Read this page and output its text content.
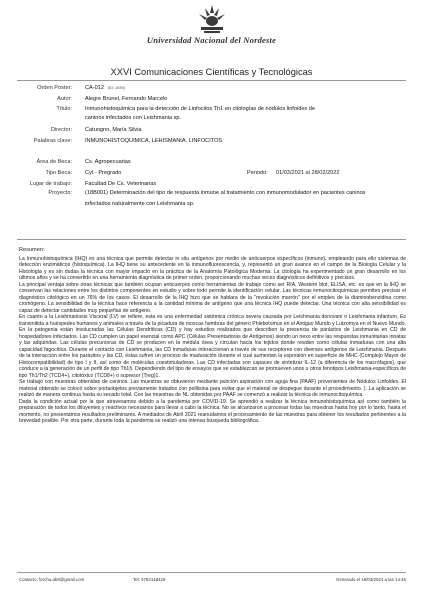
Universidad Nacional del Nordeste
XXVI Comunicaciones Científicas y Tecnológicas
Orden Poster: CA-012 (ID: 1939)
Autor: Alegre Brunel, Fernando Marcelo
Título: Inmunohistoquímica para la detección de Linfocitos Th1 en citologías de nódulos linfoides de
caninos infectados con Leishmania sp.
Director: Catuogno, María Silvia
Palabras clave: INMUNOHISTOQUIMICA, LEHISMANIA, LINFOCITOS
Área de Beca: Cs. Agropecuarias
Tipo Beca: Cyt - Pregrado	Periodo: 01/03/2021 al 28/02/2022
Lugar de trabajo: Facultad De Cs. Veterinarias
Proyecto: (18B001) Determinación del tipo de respuesta inmune al tratamiento con inmunomodulador en pacientes caninos
infectados naturalmente con Leishmania sp.
Resumen:

La Inmunohistoquímica (IHQ) es una técnica que permite detectar in situ antígenos por medio de anticuerpos específicos (inmuno), empleando para ello sistemas de detección enzimáticos (histoquímica). La IHQ tiene su antecedente en la inmunofluorescencia, y, representó un gran avance en el campo de la Biología Celular y la Histología y es sin dudas la técnica con mayor impacto en la práctica de la Anatomía Patológica Moderna. La citología ha experimentado un gran desarrollo en los últimos años y se ha convertido en una herramienta diagnóstica de primer orden, proporcionando muchas veces diagnósticos definitivos y precisos.

La principal ventaja sobre otras técnicas que también ocupan anticuerpos como herramientas de trabajo como ser RIA, Western blot, ELISA, etc. es que en la IHQ se conservan las relaciones entre los distintos componentes en estudio y sobre todo permite la identificación celular. Las técnicas inmunocitoquímicas permiten precisar el diagnóstico citológico en un 76% de los casos. El desarrollo de la IHQ hizo que se hablara de la "revolución marrón" por el empleo de la diaminobenzidina como cromógeno. La sensibilidad de la técnica hace referencia a la cantidad mínima de antígeno que una técnica IHQ puede detectar. Una técnica con alta sensibilidad es capaz de detectar cantidades muy pequeñas de antígeno.

En cuanto a la Leishmaniosis Visceral (LV) se refiere, esta es una enfermedad sistémica crónica severa causada por Leishmania donovani o Leishmania infantum. Es transmitida a huéspedes humanos y animales a través de la picadura de moscas hembras del género Phlebotomus en el Antiguo Mundo y Lutzomya en el Nuevo Mundo. En la patogenia están involucradas las Células Dendríticas (CD) y hay estudios realizados que describen la presencia de parásitos de Leishmania en CD de hospedadores infectados. Las CD cumplen un papel esencial como APC (Células Presentadoras de Antígenos) siendo un nexo entre las respuestas inmunitarias innatas y las adquiridas. Las células precursoras de CD se producen en la médula ósea y circulan hacia los tejidos donde residen como células inmaduras con una alta capacidad fagocítica. Durante el contacto con Leishmania, las CD inmaduras interaccionan a través de sus receptores con diversos antígenos de Leishmania. Después de la interacción entre los parásitos y las CD, éstas sufren un proceso de maduración durante el cual aumentan la expresión en superficie de MHC (Complejo Mayor de Histocompatibilidad) de tipo I y II, así como de moléculas coestimuladoras. Las CD infectadas son capaces de sintetizar IL-12 (a diferencia de los macrófagos), que conduce a la generación de un perfil de tipo Th1§. Dependiendo del tipo de ensayos que se establezcan se promueven unos u otros fenotipos Leishmania-específicos de tipo Th1/Th2 (TCD4+), citotóxico (TCD8+) o supresor (Treg)1.

Se trabajó con muestras obtenidas de caninos. Las muestras se obtuvieron mediante punción aspiración con aguja fina (PAAF) provenientes de Nódulos Linfoides. El material obtenido se colocó sobre portaobjetos previamente tratados con polilisina para evitar que el material se despegue durante el procedimiento. ). La aplicación se realizó de manera continua hasta su secado total. Con las muestras de NL obtenidas por PAAF se comenzó a realizar la técnica de inmunocitoquímica.

Dada la condición actual por la que atravesamos debido a la pandemia por COVID-19. Se aprendió a realizar la técnica inmunohistoquímica así como también la preparación de todos los diluyentes y reactivos necesarios para llevar a cabo la técnica. No se alcanzaron a procesar todas las muestras hasta hoy por lo tanto, hasta el momento, no presentamos resultados preliminares. A mediados de Abril 2021 reanudamos el procesamiento de las muestras para obtener los resultados pertinentes a la brevedad posible. Por otra parte, durante toda la pandemia se realizó una intensa búsqueda bibliográfica.

Contacto: ferchu.ab8@gmail.com	Tel: 3794148418	Generado el 18/03/2024 a las 14:46
